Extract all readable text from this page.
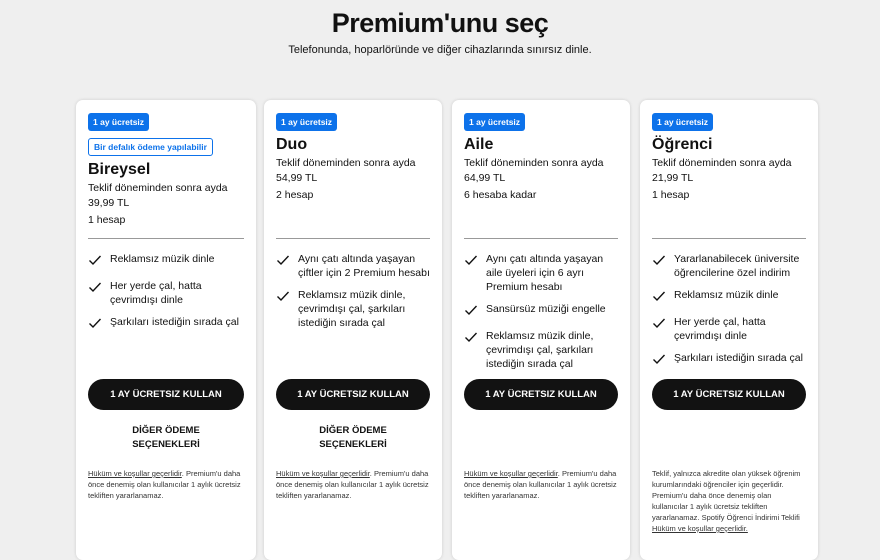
Premium'unu seç
Telefonunda, hoparlöründe ve diğer cihazlarında sınırsız dinle.
1 ay ücretsiz
Bir defalık ödeme yapılabilir
Bireysel
Teklif döneminden sonra ayda
39,99 TL
1 hesap
Reklamsız müzik dinle
Her yerde çal, hatta çevrimdışı dinle
Şarkıları istediğin sırada çal
1 AY ÜCRETSIZ KULLAN
DİĞER ÖDEME SEÇENEKLERİ
Hüküm ve koşullar geçerlidir. Premium'u daha önce denemiş olan kullanıcılar 1 aylık ücretsiz tekliften yararlanamaz.
1 ay ücretsiz
Duo
Teklif döneminden sonra ayda
54,99 TL
2 hesap
Aynı çatı altında yaşayan çiftler için 2 Premium hesabı
Reklamsız müzik dinle, çevrimdışı çal, şarkıları istediğin sırada çal
1 AY ÜCRETSIZ KULLAN
DİĞER ÖDEME SEÇENEKLERİ
Hüküm ve koşullar geçerlidir. Premium'u daha önce denemiş olan kullanıcılar 1 aylık ücretsiz tekliften yararlanamaz.
1 ay ücretsiz
Aile
Teklif döneminden sonra ayda
64,99 TL
6 hesaba kadar
Aynı çatı altında yaşayan aile üyeleri için 6 ayrı Premium hesabı
Sansürsüz müziği engelle
Reklamsız müzik dinle, çevrimdışı çal, şarkıları istediğin sırada çal
1 AY ÜCRETSIZ KULLAN
Hüküm ve koşullar geçerlidir. Premium'u daha önce denemiş olan kullanıcılar 1 aylık ücretsiz tekliften yararlanamaz.
1 ay ücretsiz
Öğrenci
Teklif döneminden sonra ayda
21,99 TL
1 hesap
Yararlanabilecek üniversite öğrencilerine özel indirim
Reklamsız müzik dinle
Her yerde çal, hatta çevrimdışı dinle
Şarkıları istediğin sırada çal
1 AY ÜCRETSIZ KULLAN
Teklif, yalnızca akredite olan yüksek öğrenim kurumlarındaki öğrenciler için geçerlidir. Premium'u daha önce denemiş olan kullanıcılar 1 aylık ücretsiz tekliften yararlanamaz. Spotify Öğrenci İndirimi Teklifi Hüküm ve koşullar geçerlidir.
